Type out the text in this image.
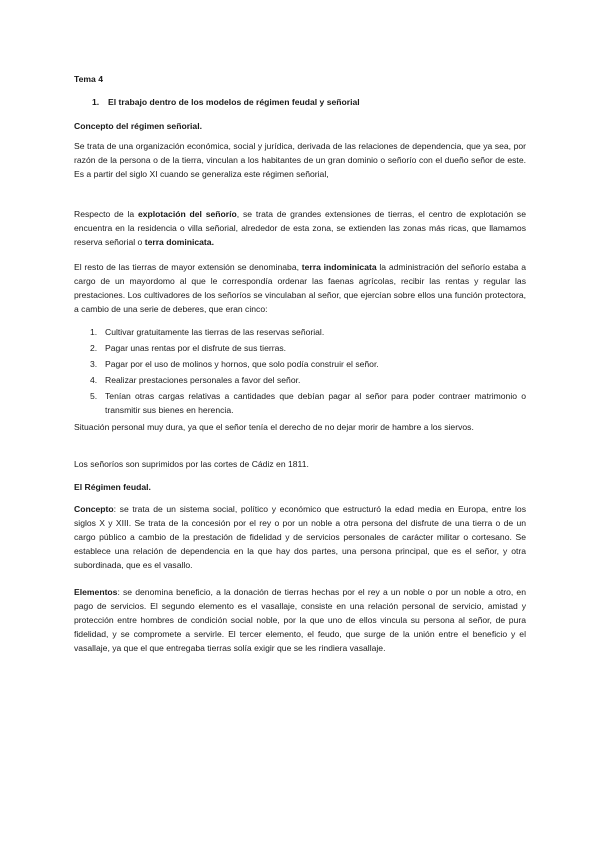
Tema 4
1. El trabajo dentro de los modelos de régimen feudal y señorial
Concepto del régimen señorial.

Se trata de una organización económica, social y jurídica, derivada de las relaciones de dependencia, que ya sea, por razón de la persona o de la tierra, vinculan a los habitantes de un gran dominio o señorío con el dueño señor de este. Es a partir del siglo XI cuando se generaliza este régimen señorial,

Respecto de la explotación del señorío, se trata de grandes extensiones de tierras, el centro de explotación se encuentra en la residencia o villa señorial, alrededor de esta zona, se extienden las zonas más ricas, que llamamos reserva señorial o terra dominicata.

El resto de las tierras de mayor extensión se denominaba, terra indominicata la administración del señorío estaba a cargo de un mayordomo al que le correspondía ordenar las faenas agrícolas, recibir las rentas y regular las prestaciones. Los cultivadores de los señoríos se vinculaban al señor, que ejercían sobre ellos una función protectora, a cambio de una serie de deberes, que eran cinco:

1. Cultivar gratuitamente las tierras de las reservas señorial.
2. Pagar unas rentas por el disfrute de sus tierras.
3. Pagar por el uso de molinos y hornos, que solo podía construir el señor.
4. Realizar prestaciones personales a favor del señor.
5. Tenían otras cargas relativas a cantidades que debían pagar al señor para poder contraer matrimonio o transmitir sus bienes en herencia.

Situación personal muy dura, ya que el señor tenía el derecho de no dejar morir de hambre a los siervos.

Los señoríos son suprimidos por las cortes de Cádiz en 1811.

El Régimen feudal.

Concepto: se trata de un sistema social, político y económico que estructuró la edad media en Europa, entre los siglos X y XIII. Se trata de la concesión por el rey o por un noble a otra persona del disfrute de una tierra o de un cargo público a cambio de la prestación de fidelidad y de servicios personales de carácter militar o cortesano. Se establece una relación de dependencia en la que hay dos partes, una persona principal, que es el señor, y otra subordinada, que es el vasallo.

Elementos: se denomina beneficio, a la donación de tierras hechas por el rey a un noble o por un noble a otro, en pago de servicios. El segundo elemento es el vasallaje, consiste en una relación personal de servicio, amistad y protección entre hombres de condición social noble, por la que uno de ellos vincula su persona al señor, de pura fidelidad, y se compromete a servirle. El tercer elemento, el feudo, que surge de la unión entre el beneficio y el vasallaje, ya que el que entregaba tierras solía exigir que se les rindiera vasallaje.
